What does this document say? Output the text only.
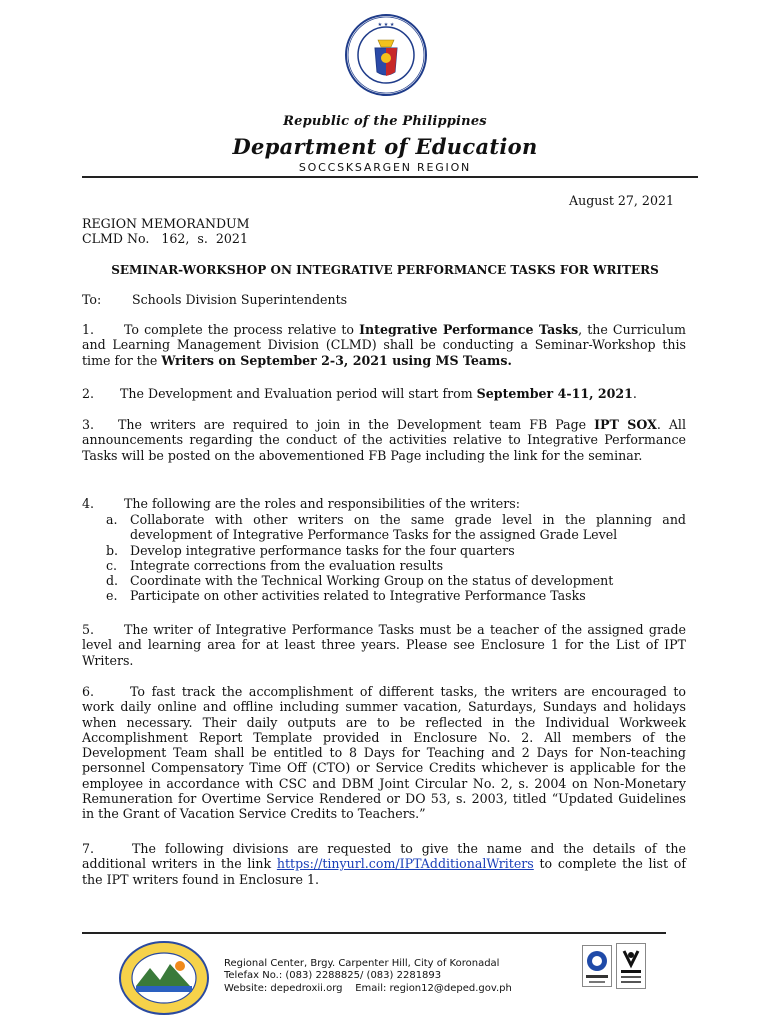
★ ★ ★
Republic of the Philippines
Department of Education
SOCCSKSARGEN REGION
August 27, 2021
REGION MEMORANDUM
CLMD No.   162,  s.  2021
SEMINAR-WORKSHOP ON INTEGRATIVE PERFORMANCE TASKS FOR WRITERS
To: Schools Division Superintendents
1. To complete the process relative to Integrative Performance Tasks, the Curriculum and Learning Management Division (CLMD) shall be conducting a Seminar-Workshop this time for the Writers on September 2-3, 2021 using MS Teams.
2. The Development and Evaluation period will start from September 4-11, 2021.
3. The writers are required to join in the Development team FB Page IPT SOX. All announcements regarding the conduct of the activities relative to Integrative Performance Tasks will be posted on the abovementioned FB Page including the link for the seminar.
4. The following are the roles and responsibilities of the writers:
a. Collaborate with other writers on the same grade level in the planning and development of Integrative Performance Tasks for the assigned Grade Level
b. Develop integrative performance tasks for the four quarters
c.	Integrate corrections from the evaluation results
d. Coordinate with the Technical Working Group on the status of development
e. Participate on other activities related to Integrative Performance Tasks
5. The writer of Integrative Performance Tasks must be a teacher of the assigned grade level and learning area for at least three years. Please see Enclosure 1 for the List of IPT Writers.
6.	To fast track the accomplishment of different tasks, the writers are encouraged to work daily online and offline including summer vacation, Saturdays, Sundays and holidays when necessary. Their daily outputs are to be reflected in the Individual Workweek Accomplishment Report Template provided in Enclosure No. 2. All members of the Development Team shall be entitled to 8 Days for Teaching and 2 Days for Non-teaching personnel Compensatory Time Off (CTO) or Service Credits whichever is applicable for the employee in accordance with CSC and DBM Joint Circular No. 2, s. 2004 on Non-Monetary Remuneration for Overtime Service Rendered or DO 53, s. 2003, titled “Updated Guidelines in the Grant of Vacation Service Credits to Teachers.”
7.	The following divisions are requested to give the name and the details of the additional writers in the link https://tinyurl.com/IPTAdditionalWriters to complete the list of the IPT writers found in Enclosure 1.
Regional Center, Brgy. Carpenter Hill, City of Koronadal
Telefax No.: (083) 2288825/ (083) 2281893
Website: depedroxii.org    Email: region12@deped.gov.ph
